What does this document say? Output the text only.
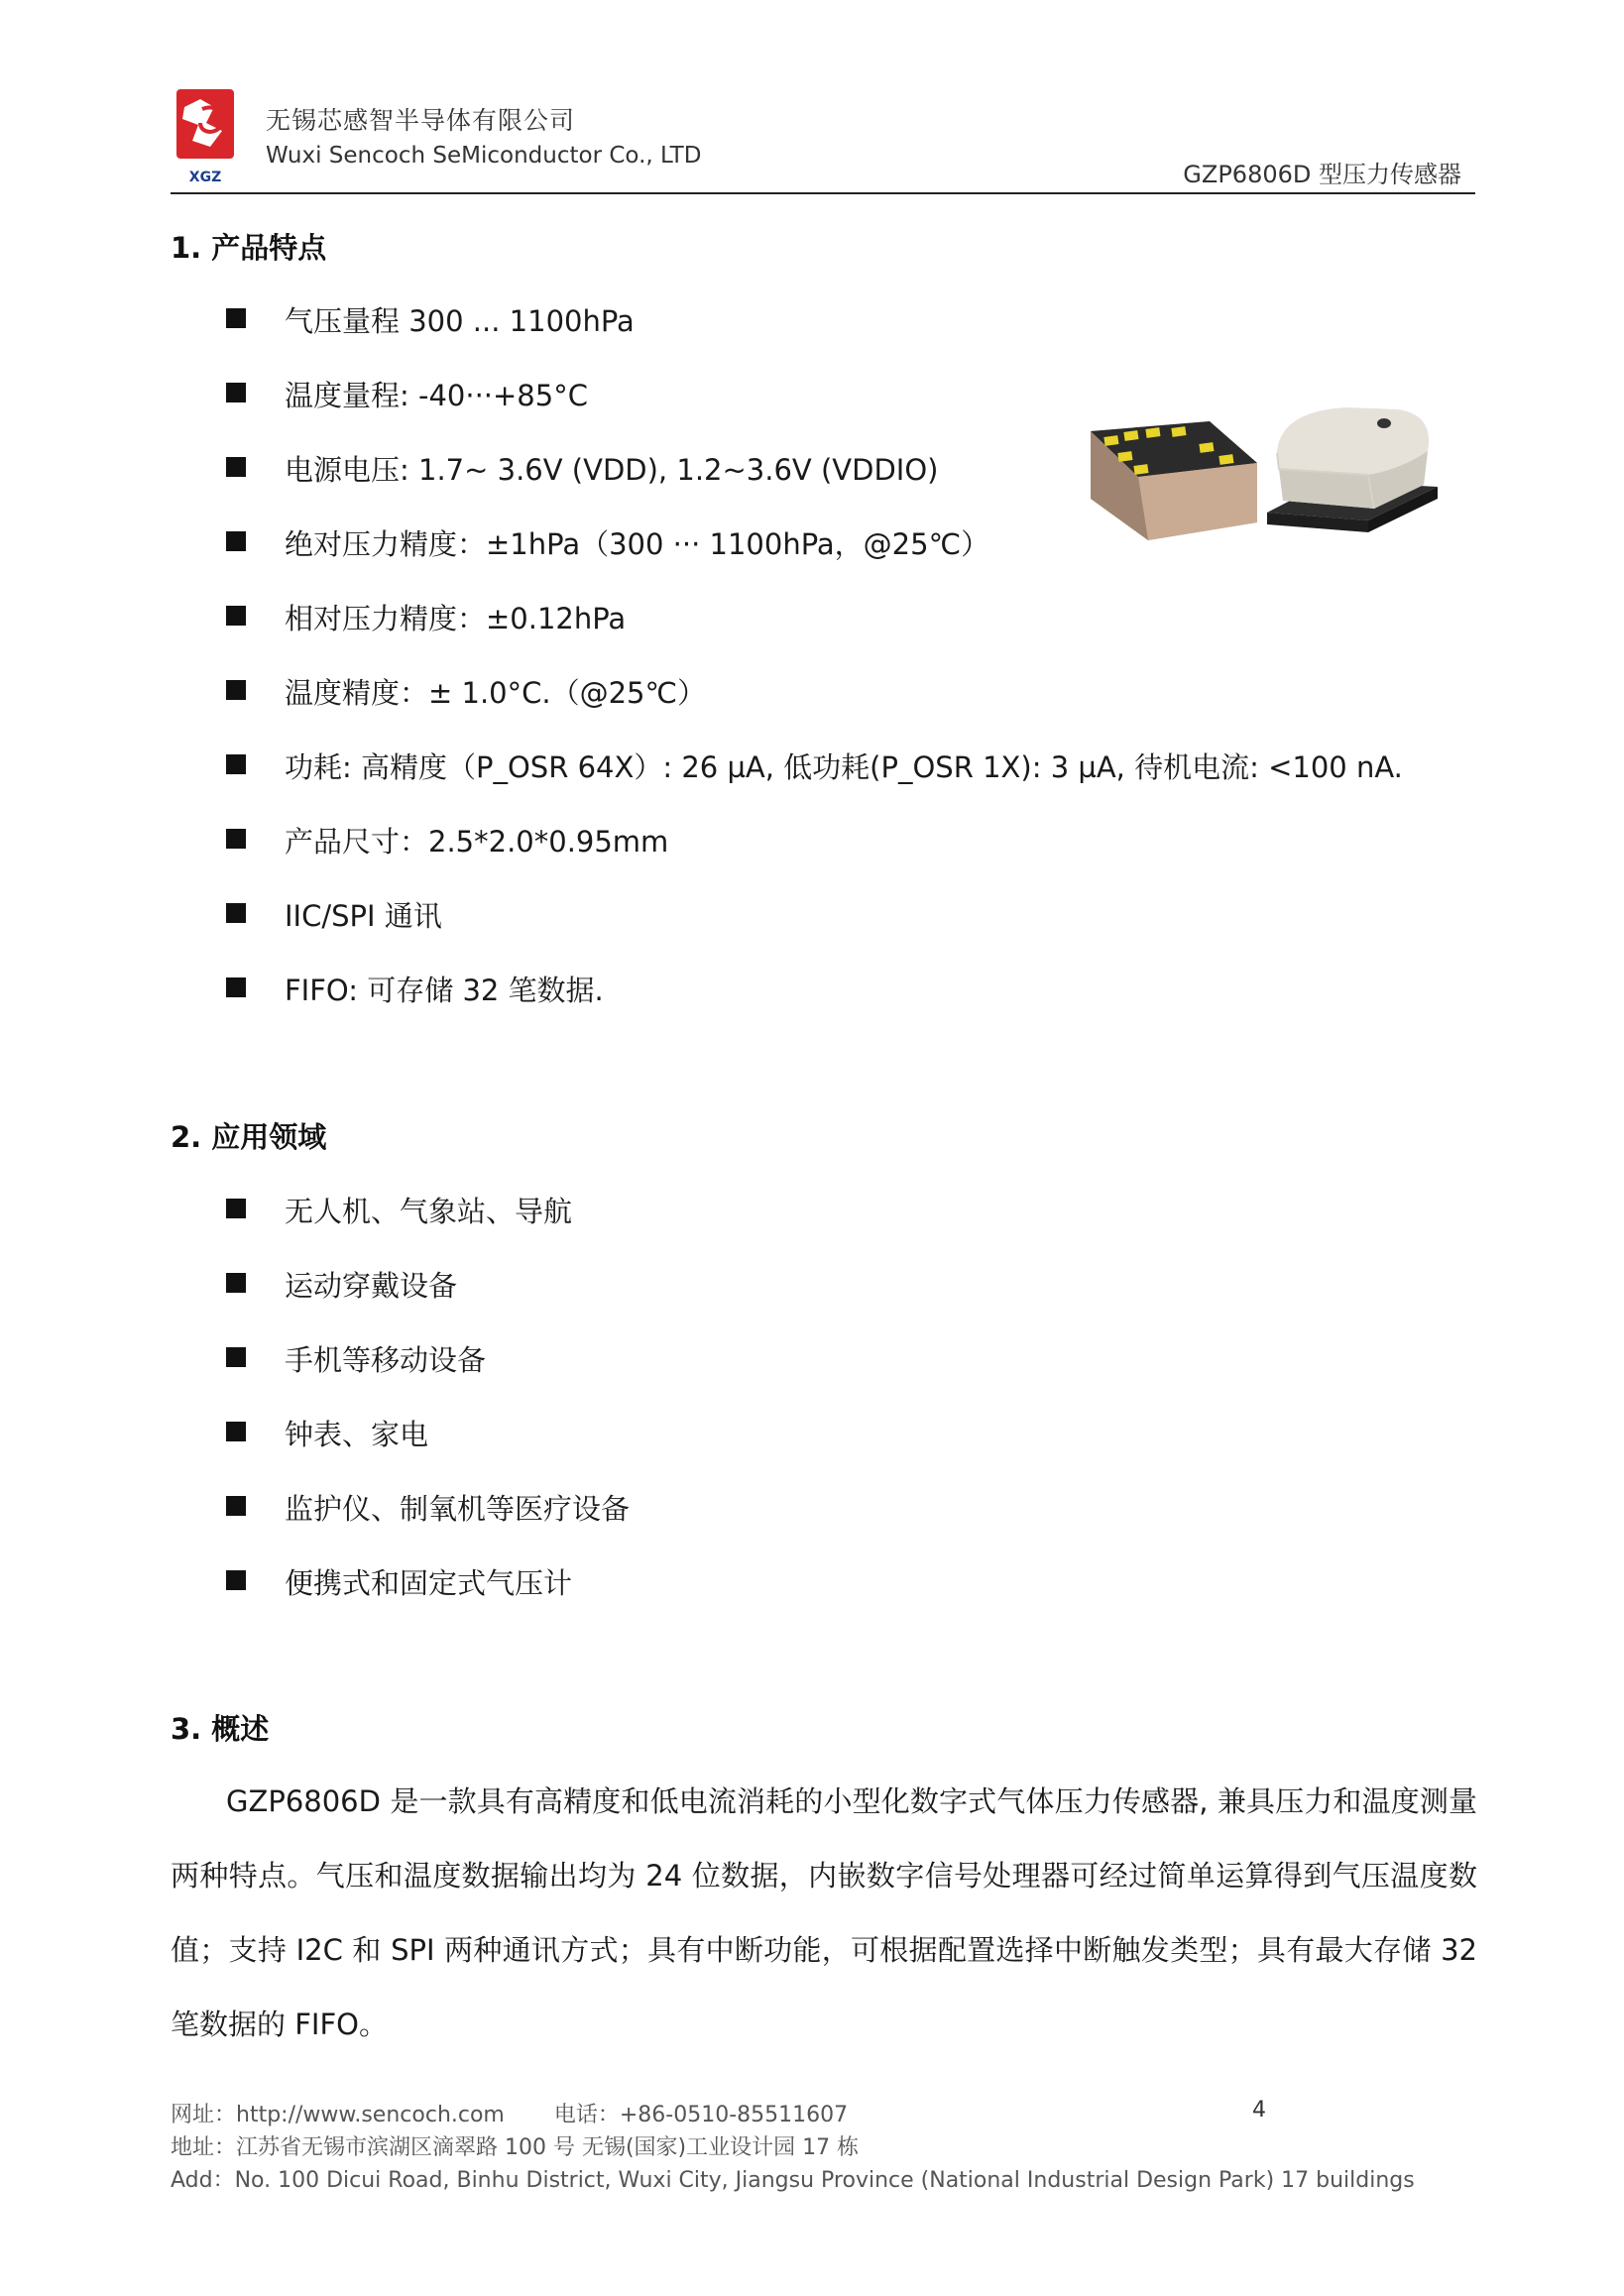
XGZ
无锡芯感智半导体有限公司
Wuxi Sencoch SeMiconductor Co., LTD
GZP6806D 型压力传感器
1. 产品特点
气压量程 300 ... 1100hPa
温度量程: -40···+85°C
电源电压: 1.7~ 3.6V (VDD), 1.2~3.6V (VDDIO)
绝对压力精度：±1hPa（300 ··· 1100hPa，@25℃）
相对压力精度：±0.12hPa
温度精度：± 1.0°C.（@25℃）
功耗: 高精度（P_OSR 64X）: 26 µA, 低功耗(P_OSR 1X): 3 µA, 待机电流: <100 nA.
产品尺寸：2.5*2.0*0.95mm
IIC/SPI 通讯
FIFO: 可存储 32 笔数据.
2. 应用领域
无人机、气象站、导航
运动穿戴设备
手机等移动设备
钟表、家电
监护仪、制氧机等医疗设备
便携式和固定式气压计
3. 概述

GZP6806D 是一款具有高精度和低电流消耗的小型化数字式气体压力传感器, 兼具压力和温度测量两种特点。气压和温度数据输出均为 24 位数据，内嵌数字信号处理器可经过简单运算得到气压温度数值；支持 I2C 和 SPI 两种通讯方式；具有中断功能，可根据配置选择中断触发类型；具有最大存储 32 笔数据的 FIFO。

网址：http://www.sencoch.com 电话：+86-0510-85511607
地址：江苏省无锡市滨湖区滴翠路 100 号 无锡(国家)工业设计园 17 栋
Add：No. 100 Dicui Road, Binhu District, Wuxi City, Jiangsu Province (National Industrial Design Park) 17 buildings
4
